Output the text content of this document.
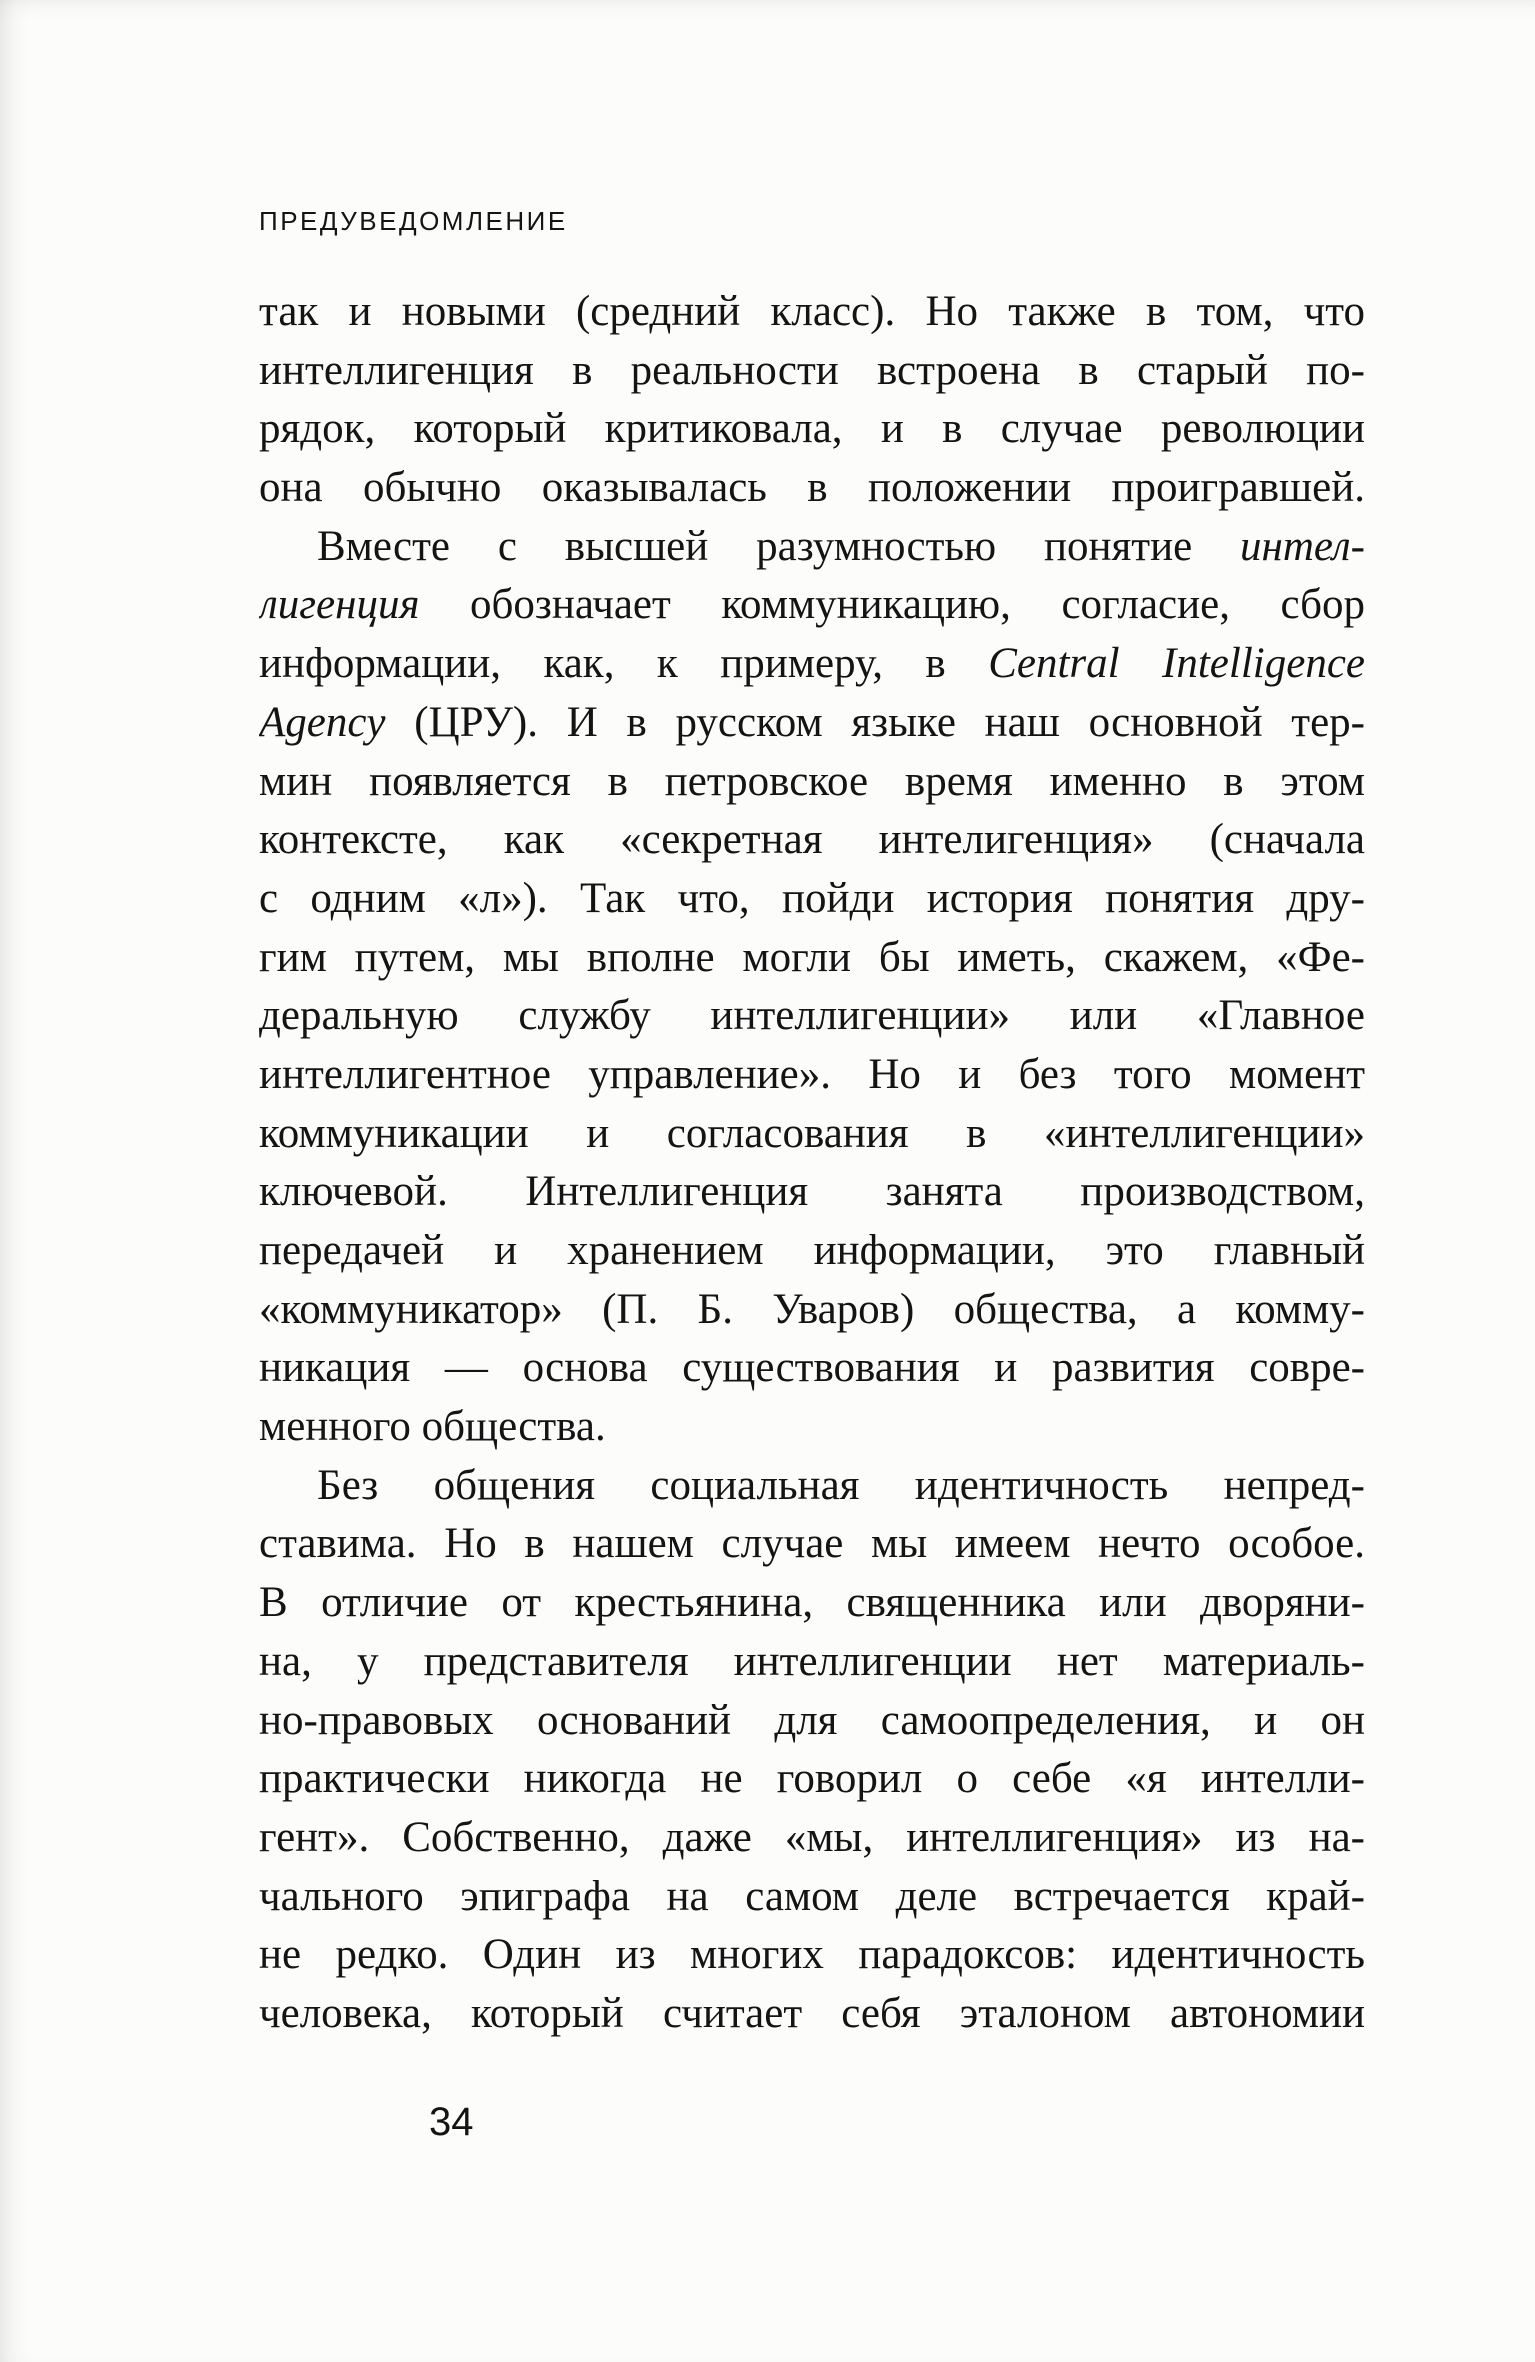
ПРЕДУВЕДОМЛЕНИЕ
так и новыми (средний класс). Но также в том, что
интеллигенция в реальности встроена в старый по-
рядок, который критиковала, и в случае революции
она обычно оказывалась в положении проигравшей.
Вместе с высшей разумностью понятие интел-
лигенция обозначает коммуникацию, согласие, сбор
информации, как, к примеру, в Central Intelligence
Agency (ЦРУ). И в русском языке наш основной тер-
мин появляется в петровское время именно в этом
контексте, как «секретная интелигенция» (сначала
с одним «л»). Так что, пойди история понятия дру-
гим путем, мы вполне могли бы иметь, скажем, «Фе-
деральную службу интеллигенции» или «Главное
интеллигентное управление». Но и без того момент
коммуникации и согласования в «интеллигенции»
ключевой. Интеллигенция занята производством,
передачей и хранением информации, это главный
«коммуникатор» (П. Б. Уваров) общества, а комму-
никация — основа существования и развития совре-
менного общества.
Без общения социальная идентичность непред-
ставима. Но в нашем случае мы имеем нечто особое.
В отличие от крестьянина, священника или дворяни-
на, у представителя интеллигенции нет материаль-
но-правовых оснований для самоопределения, и он
практически никогда не говорил о себе «я интелли-
гент». Собственно, даже «мы, интеллигенция» из на-
чального эпиграфа на самом деле встречается край-
не редко. Один из многих парадоксов: идентичность
человека, который считает себя эталоном автономии
34
